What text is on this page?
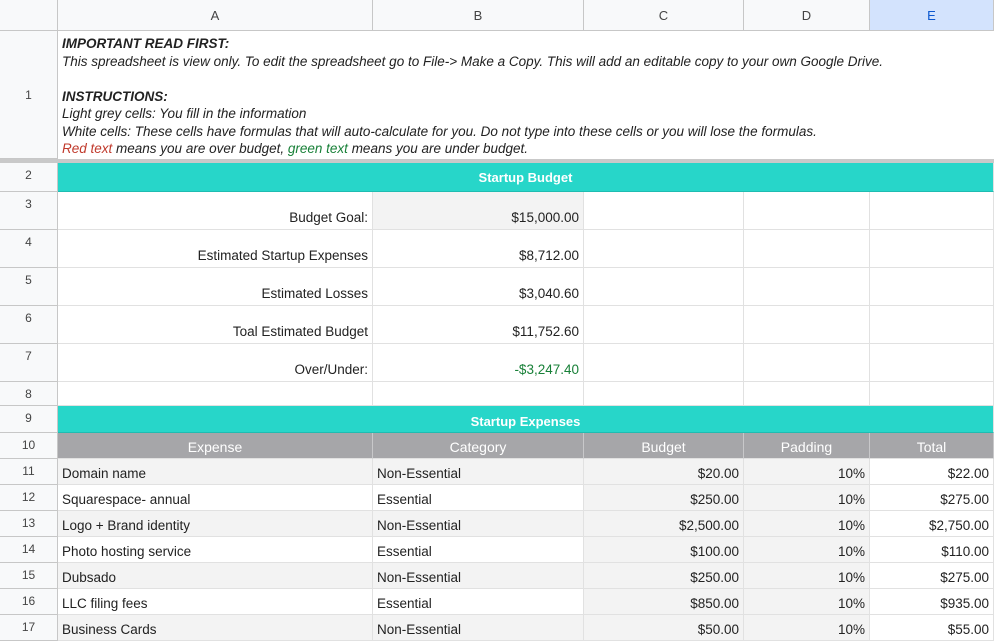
A	B	C	D	E
1
2
3
4
5
6
7
8
9
10
11
12
13
14
15
16
17
IMPORTANT READ FIRST:
This spreadsheet is view only. To edit the spreadsheet go to File-> Make a Copy. This will add an editable copy to your own Google Drive.

INSTRUCTIONS:
Light grey cells: You fill in the information
White cells: These cells have formulas that will auto-calculate for you. Do not type into these cells or you will lose the formulas.
Red text means you are over budget, green text means you are under budget.
Startup Budget
Budget Goal:	$15,000.00
Estimated Startup Expenses	$8,712.00
Estimated Losses	$3,040.60
Toal Estimated Budget	$11,752.60
Over/Under:	-$3,247.40
Startup Expenses
Expense	Category	Budget	Padding	Total
Domain name	Non-Essential	$20.00	10%	$22.00
Squarespace- annual	Essential	$250.00	10%	$275.00
Logo + Brand identity	Non-Essential	$2,500.00	10%	$2,750.00
Photo hosting service	Essential	$100.00	10%	$110.00
Dubsado	Non-Essential	$250.00	10%	$275.00
LLC filing fees	Essential	$850.00	10%	$935.00
Business Cards	Non-Essential	$50.00	10%	$55.00
